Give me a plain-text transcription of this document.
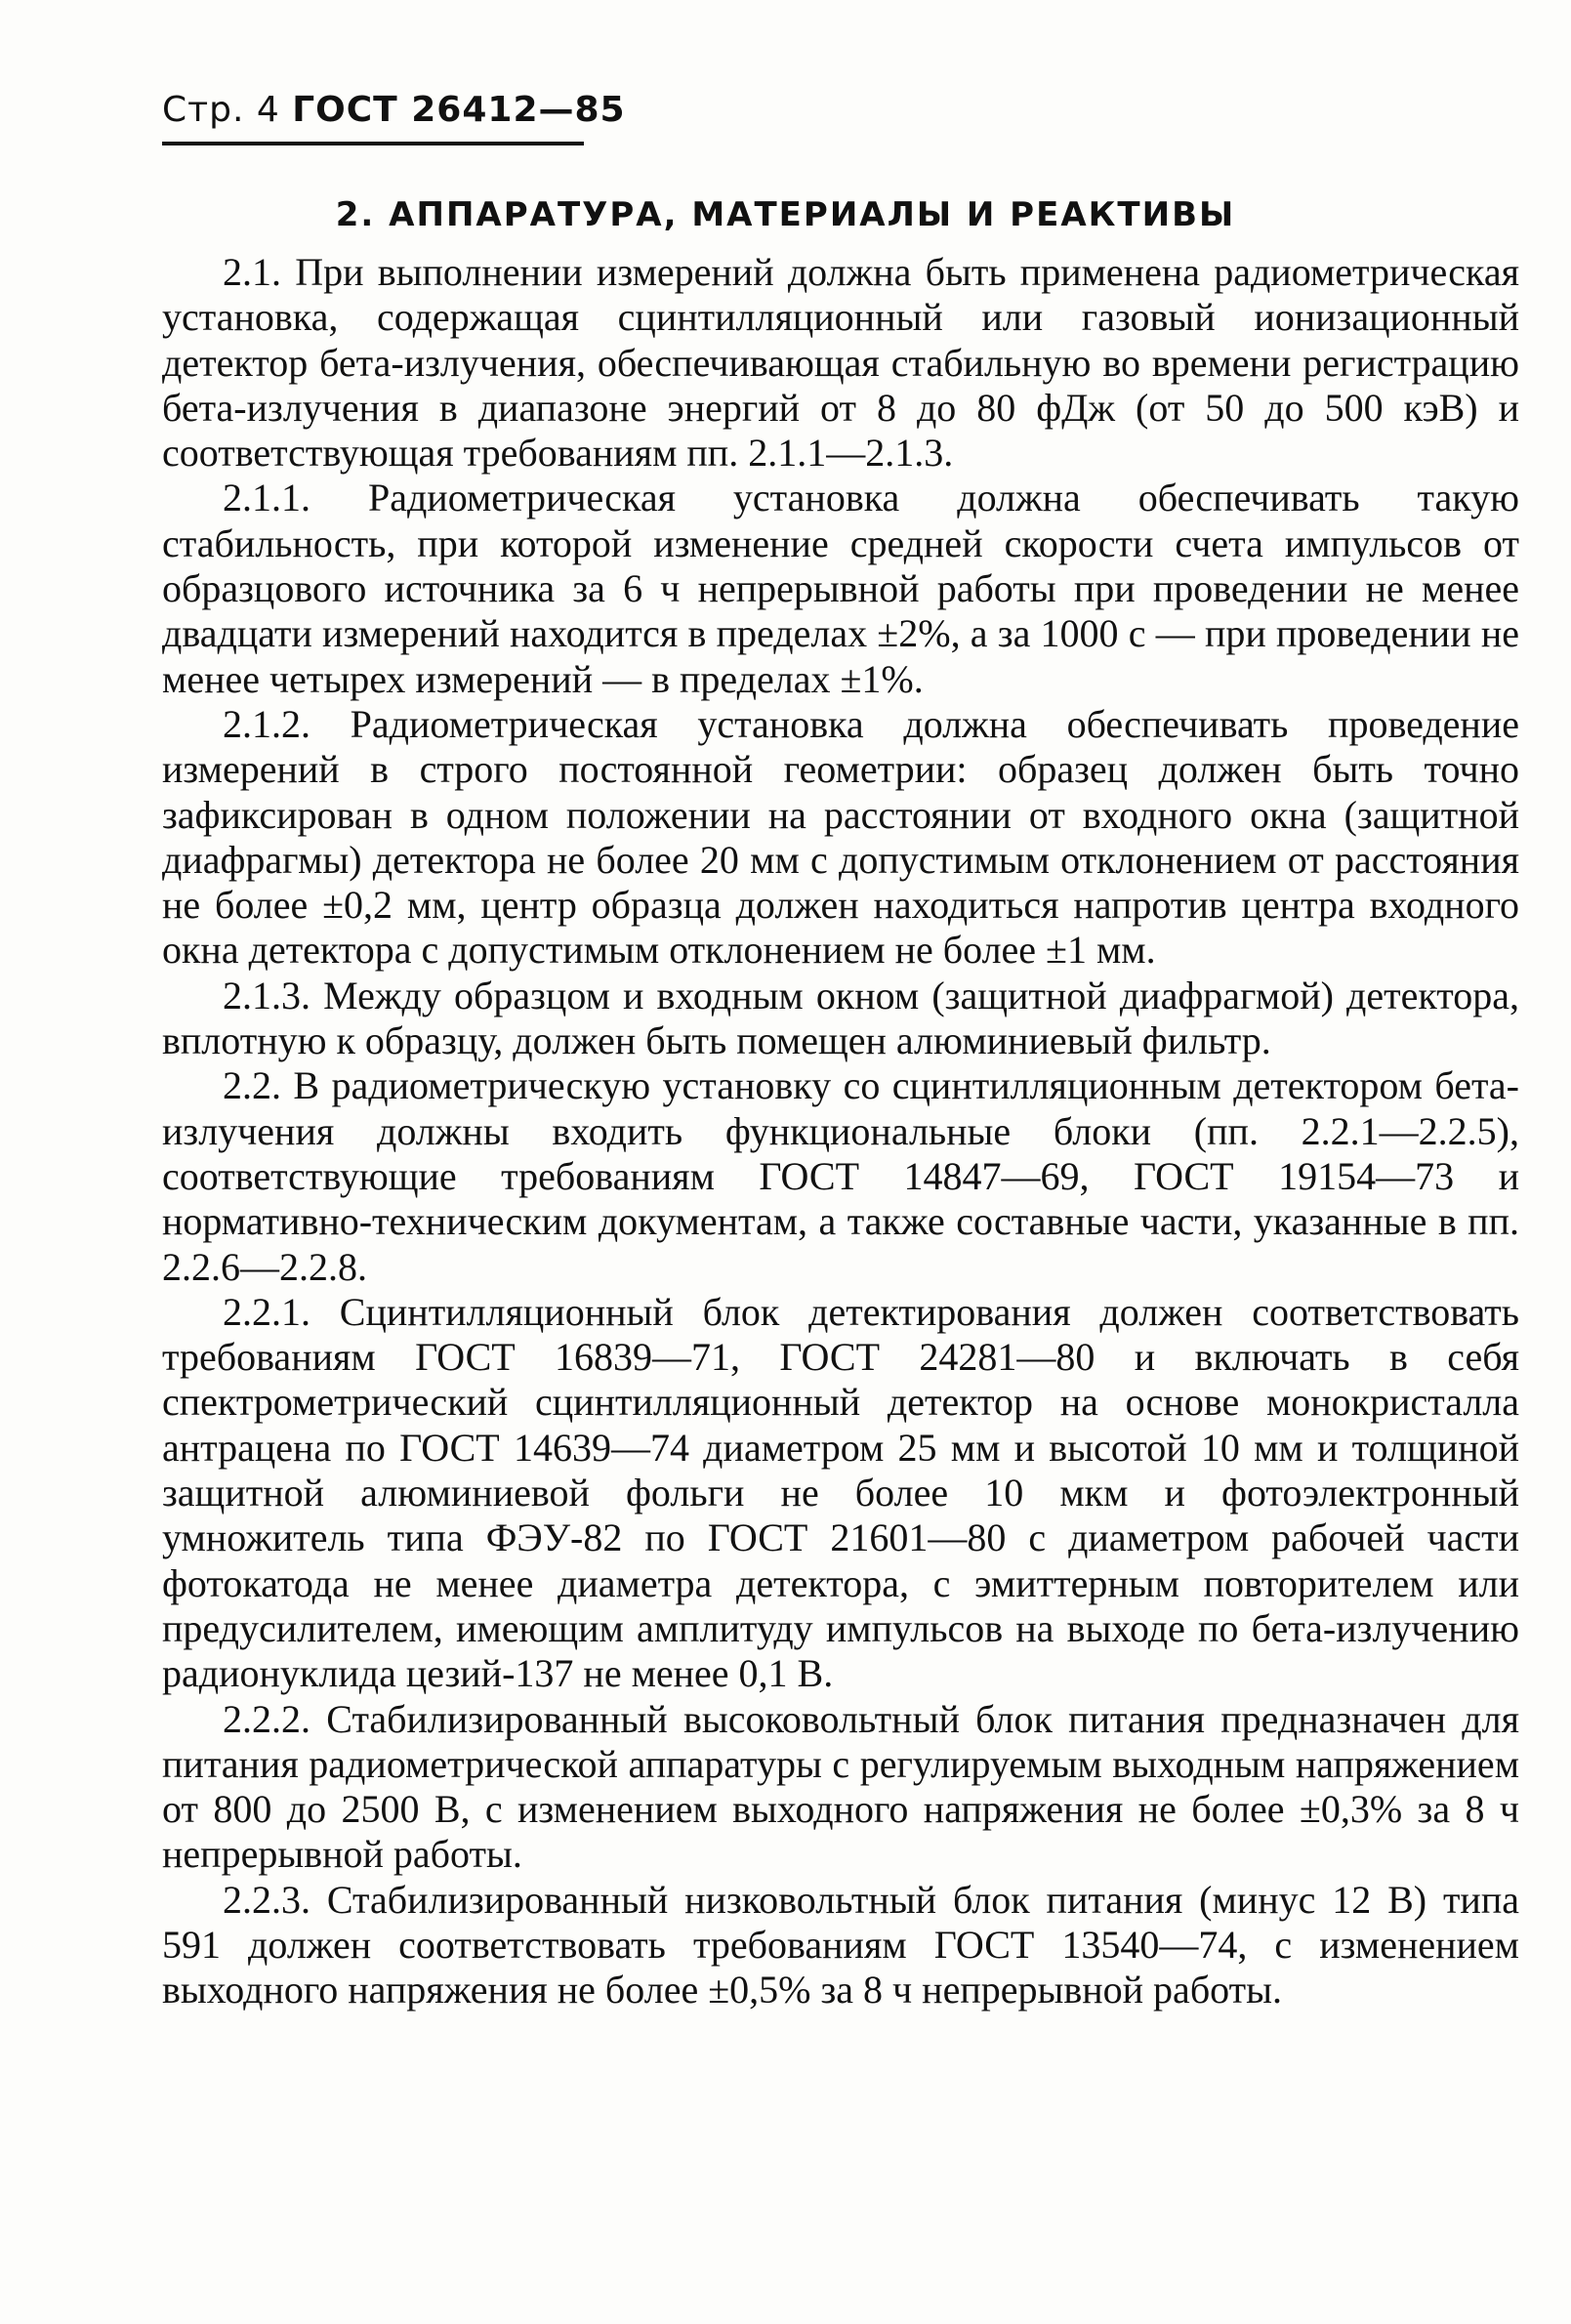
Стр. 4 ГОСТ 26412—85
2. АППАРАТУРА, МАТЕРИАЛЫ И РЕАКТИВЫ

2.1. При выполнении измерений должна быть применена радиометрическая установка, содержащая сцинтилляционный или газовый ионизационный детектор бета-излучения, обеспечивающая стабильную во времени регистрацию бета-излучения в диапазоне энергий от 8 до 80 фДж (от 50 до 500 кэВ) и соответствующая требованиям пп. 2.1.1—2.1.3.

2.1.1. Радиометрическая установка должна обеспечивать такую стабильность, при которой изменение средней скорости счета импульсов от образцового источника за 6 ч непрерывной работы при проведении не менее двадцати измерений находится в пределах ±2%, а за 1000 с — при проведении не менее четырех измерений — в пределах ±1%.

2.1.2. Радиометрическая установка должна обеспечивать проведение измерений в строго постоянной геометрии: образец должен быть точно зафиксирован в одном положении на расстоянии от входного окна (защитной диафрагмы) детектора не более 20 мм с допустимым отклонением от расстояния не более ±0,2 мм, центр образца должен находиться напротив центра входного окна детектора с допустимым отклонением не более ±1 мм.

2.1.3. Между образцом и входным окном (защитной диафрагмой) детектора, вплотную к образцу, должен быть помещен алюминиевый фильтр.

2.2. В радиометрическую установку со сцинтилляционным детектором бета-излучения должны входить функциональные блоки (пп. 2.2.1—2.2.5), соответствующие требованиям ГОСТ 14847—69, ГОСТ 19154—73 и нормативно-техническим документам, а также составные части, указанные в пп. 2.2.6—2.2.8.

2.2.1. Сцинтилляционный блок детектирования должен соответствовать требованиям ГОСТ 16839—71, ГОСТ 24281—80 и включать в себя спектрометрический сцинтилляционный детектор на основе монокристалла антрацена по ГОСТ 14639—74 диаметром 25 мм и высотой 10 мм и толщиной защитной алюминиевой фольги не более 10 мкм и фотоэлектронный умножитель типа ФЭУ-82 по ГОСТ 21601—80 с диаметром рабочей части фотокатода не менее диаметра детектора, с эмиттерным повторителем или предусилителем, имеющим амплитуду импульсов на выходе по бета-излучению радионуклида цезий-137 не менее 0,1 В.

2.2.2. Стабилизированный высоковольтный блок питания предназначен для питания радиометрической аппаратуры с регулируемым выходным напряжением от 800 до 2500 В, с изменением выходного напряжения не более ±0,3% за 8 ч непрерывной работы.

2.2.3. Стабилизированный низковольтный блок питания (минус 12 В) типа 591 должен соответствовать требованиям ГОСТ 13540—74, с изменением выходного напряжения не более ±0,5% за 8 ч непрерывной работы.
